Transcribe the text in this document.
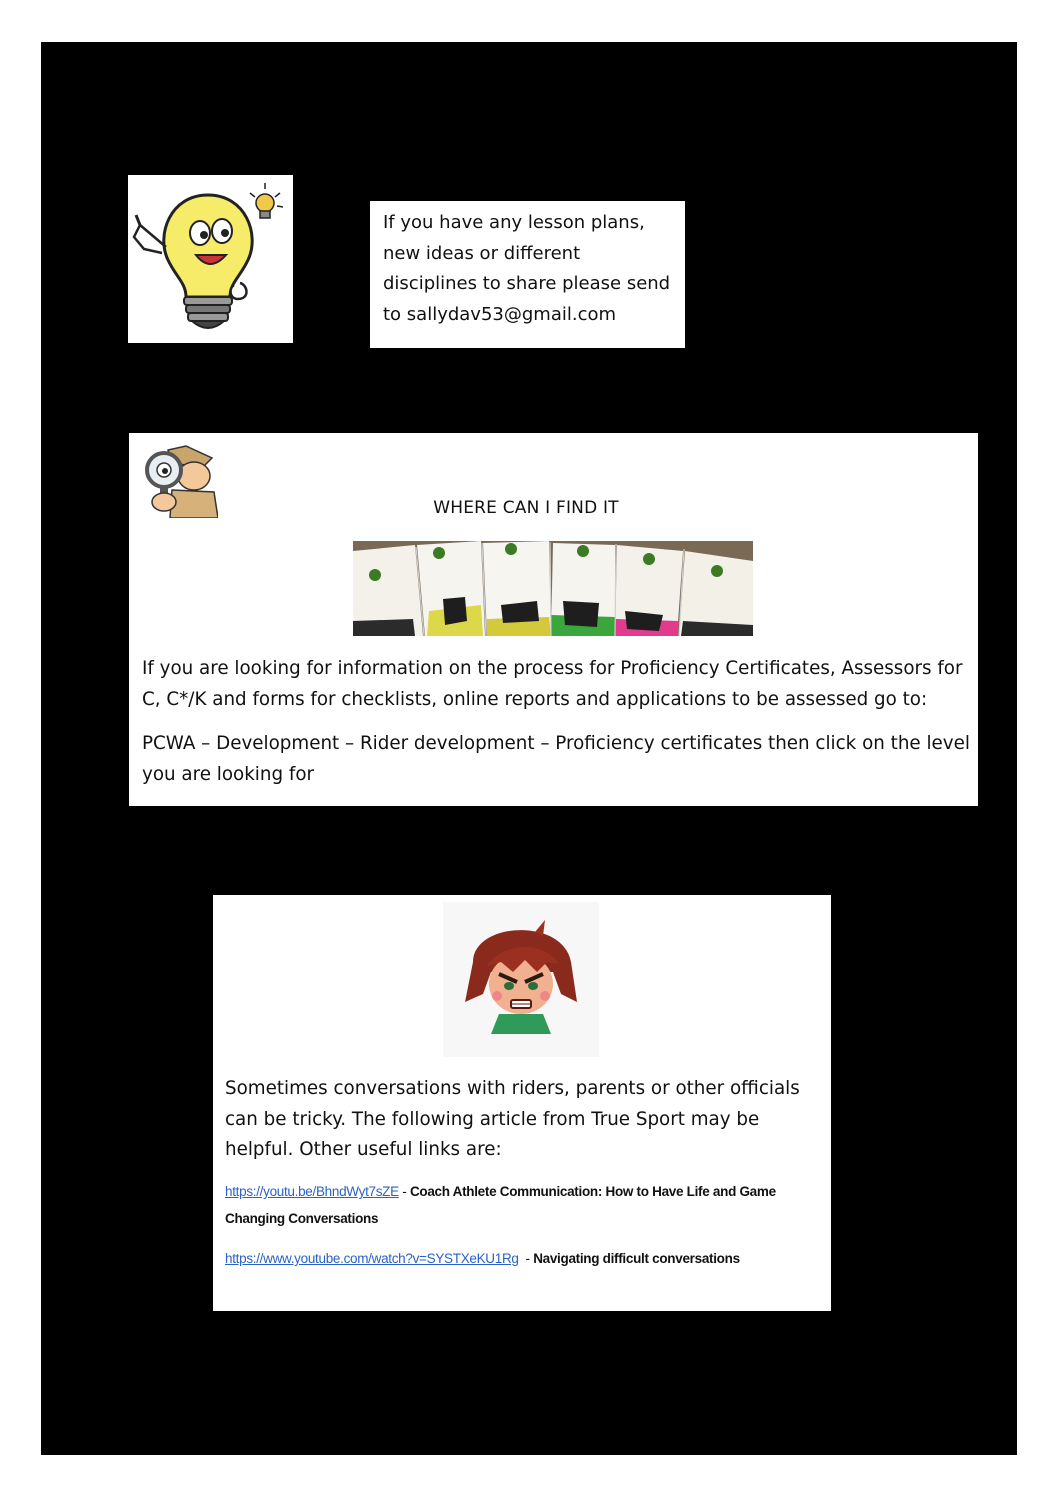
If you have any lesson plans, new ideas or different disciplines to share please send to sallydav53@gmail.com

WHERE CAN I FIND IT

If you are looking for information on the process for Proficiency Certificates, Assessors for C, C*/K and forms for checklists, online reports and applications to be assessed go to:

PCWA – Development – Rider development – Proficiency certificates then click on the level you are looking for

Sometimes conversations with riders, parents or other officials can be tricky. The following article from True Sport may be helpful. Other useful links are:

https://youtu.be/BhndWyt7sZE - Coach Athlete Communication: How to Have Life and Game Changing Conversations

https://www.youtube.com/watch?v=SYSTXeKU1Rg  - Navigating difficult conversations
